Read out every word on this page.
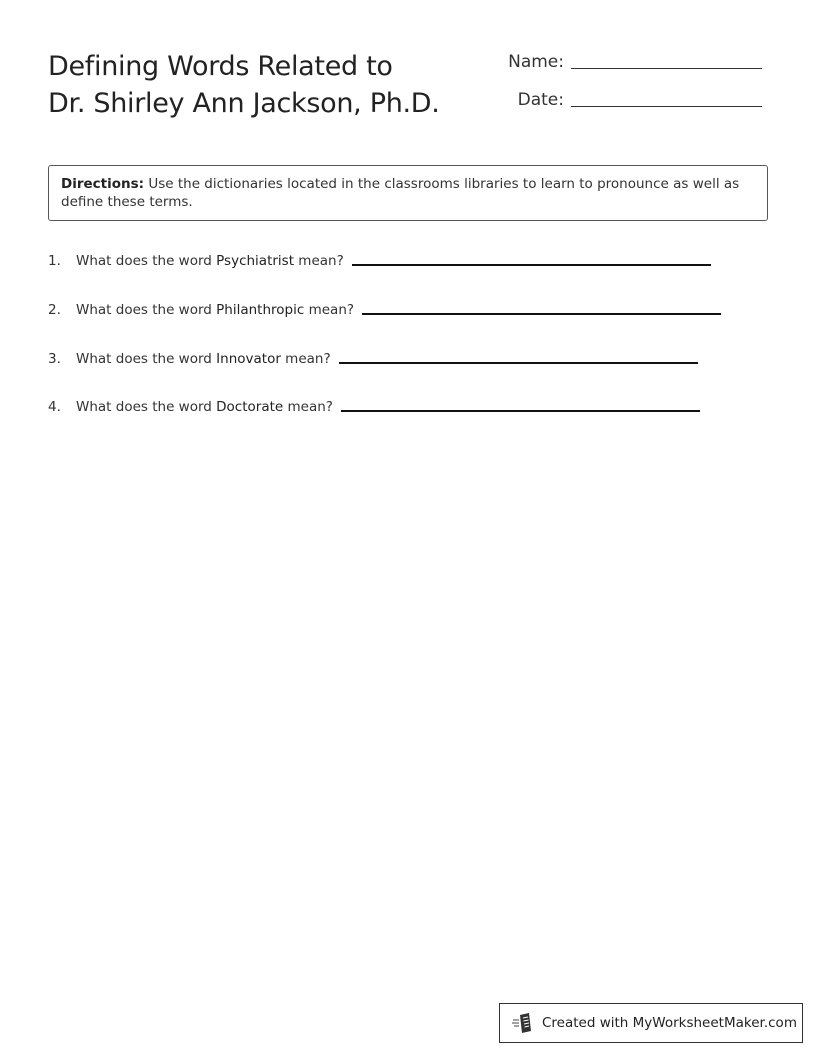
Defining Words Related to
Dr. Shirley Ann Jackson, Ph.D.
Name:
Date:
Directions: Use the dictionaries located in the classrooms libraries to learn to pronounce as well as define these terms.
1.	What does the word Psychiatrist mean?
2.	What does the word Philanthropic mean?
3.	What does the word Innovator mean?
4.	What does the word Doctorate mean?
Created with MyWorksheetMaker.com
